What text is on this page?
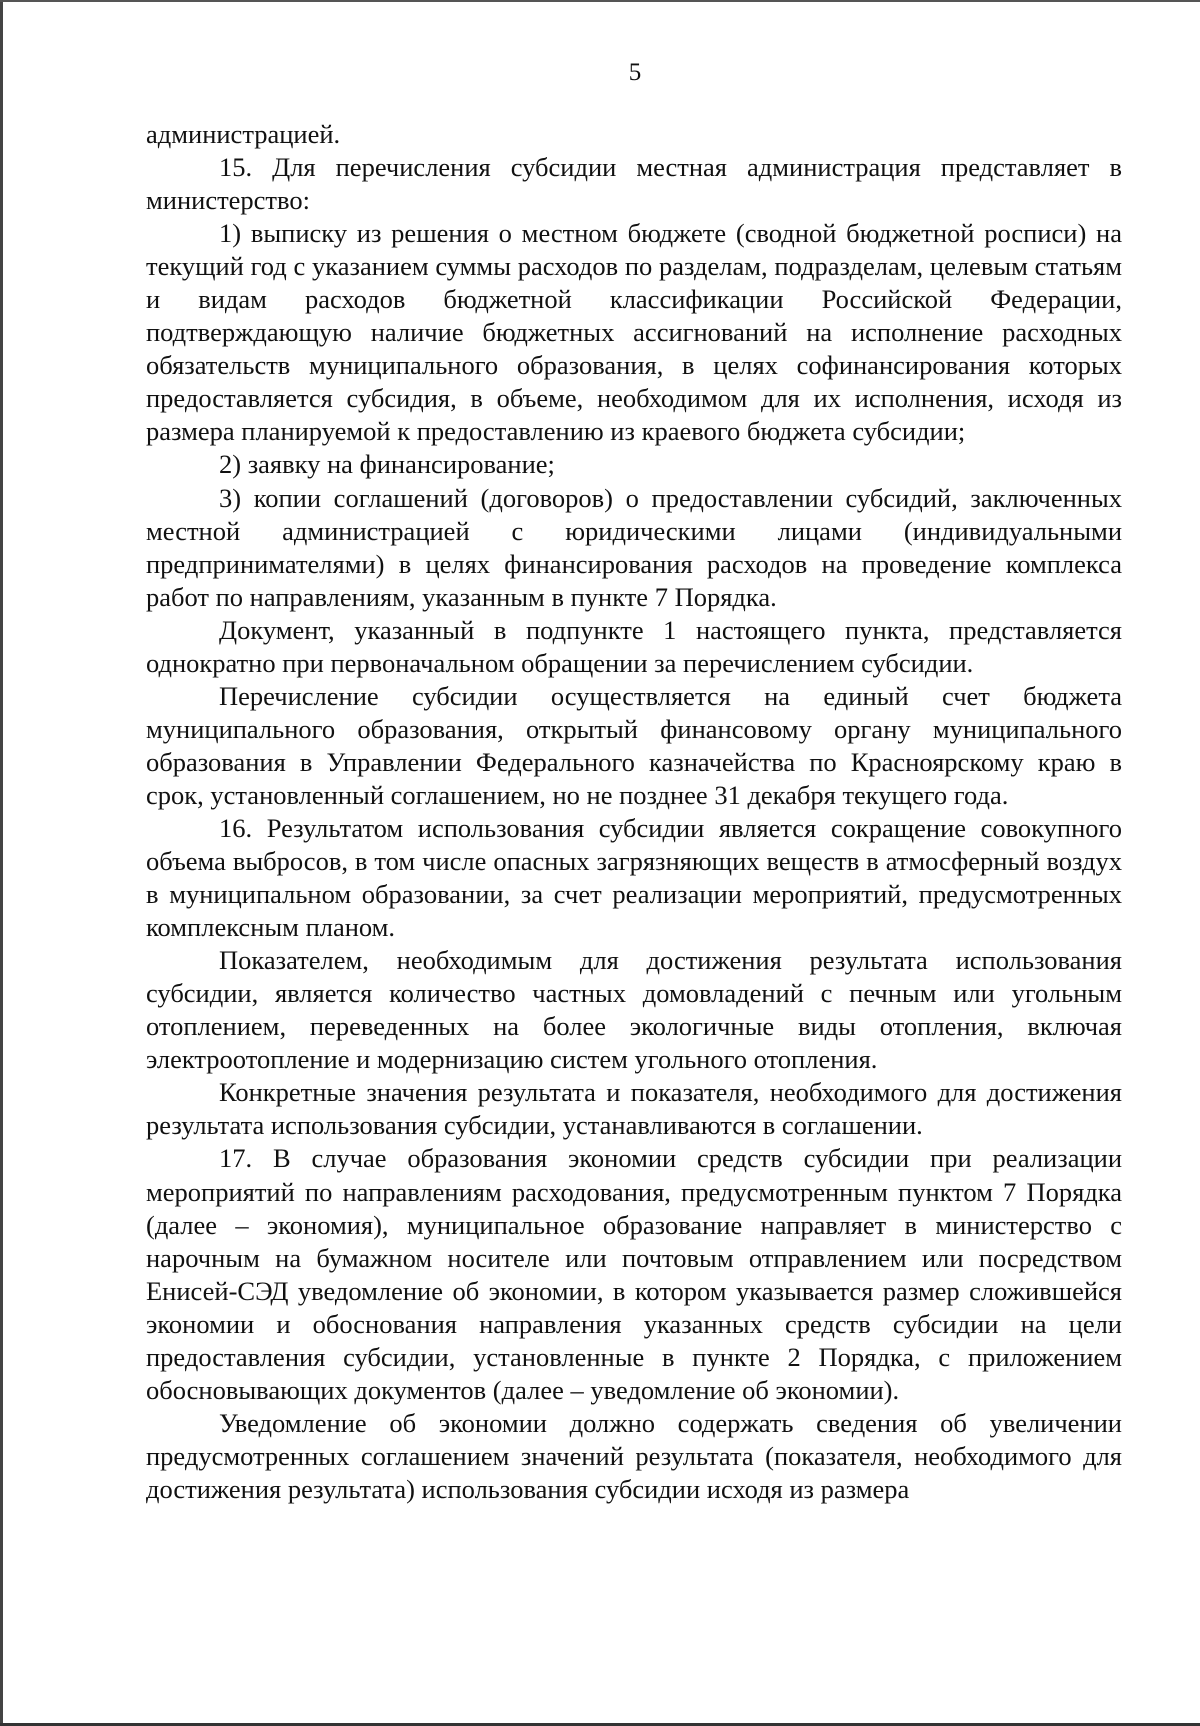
5

администрацией.

15. Для перечисления субсидии местная администрация представляет в министерство:

1) выписку из решения о местном бюджете (сводной бюджетной росписи) на текущий год с указанием суммы расходов по разделам, подразделам, целевым статьям и видам расходов бюджетной классификации Российской Федерации, подтверждающую наличие бюджетных ассигнований на исполнение расходных обязательств муниципального образования, в целях софинансирования которых предоставляется субсидия, в объеме, необходимом для их исполнения, исходя из размера планируемой к предоставлению из краевого бюджета субсидии;

2) заявку на финансирование;

3) копии соглашений (договоров) о предоставлении субсидий, заключенных местной администрацией с юридическими лицами (индивидуальными предпринимателями) в целях финансирования расходов на проведение комплекса работ по направлениям, указанным в пункте 7 Порядка.

Документ, указанный в подпункте 1 настоящего пункта, представляется однократно при первоначальном обращении за перечислением субсидии.

Перечисление субсидии осуществляется на единый счет бюджета муниципального образования, открытый финансовому органу муниципального образования в Управлении Федерального казначейства по Красноярскому краю в срок, установленный соглашением, но не позднее 31 декабря текущего года.

16. Результатом использования субсидии является сокращение совокупного объема выбросов, в том числе опасных загрязняющих веществ в атмосферный воздух в муниципальном образовании, за счет реализации мероприятий, предусмотренных комплексным планом.

Показателем, необходимым для достижения результата использования субсидии, является количество частных домовладений с печным или угольным отоплением, переведенных на более экологичные виды отопления, включая электроотопление и модернизацию систем угольного отопления.

Конкретные значения результата и показателя, необходимого для достижения результата использования субсидии, устанавливаются в соглашении.

17. В случае образования экономии средств субсидии при реализации мероприятий по направлениям расходования, предусмотренным пунктом 7 Порядка (далее – экономия), муниципальное образование направляет в министерство с нарочным на бумажном носителе или почтовым отправлением или посредством Енисей-СЭД уведомление об экономии, в котором указывается размер сложившейся экономии и обоснования направления указанных средств субсидии на цели предоставления субсидии, установленные в пункте 2 Порядка, с приложением обосновывающих документов (далее – уведомление об экономии).

Уведомление об экономии должно содержать сведения об увеличении предусмотренных соглашением значений результата (показателя, необходимого для достижения результата) использования субсидии исходя из размера
